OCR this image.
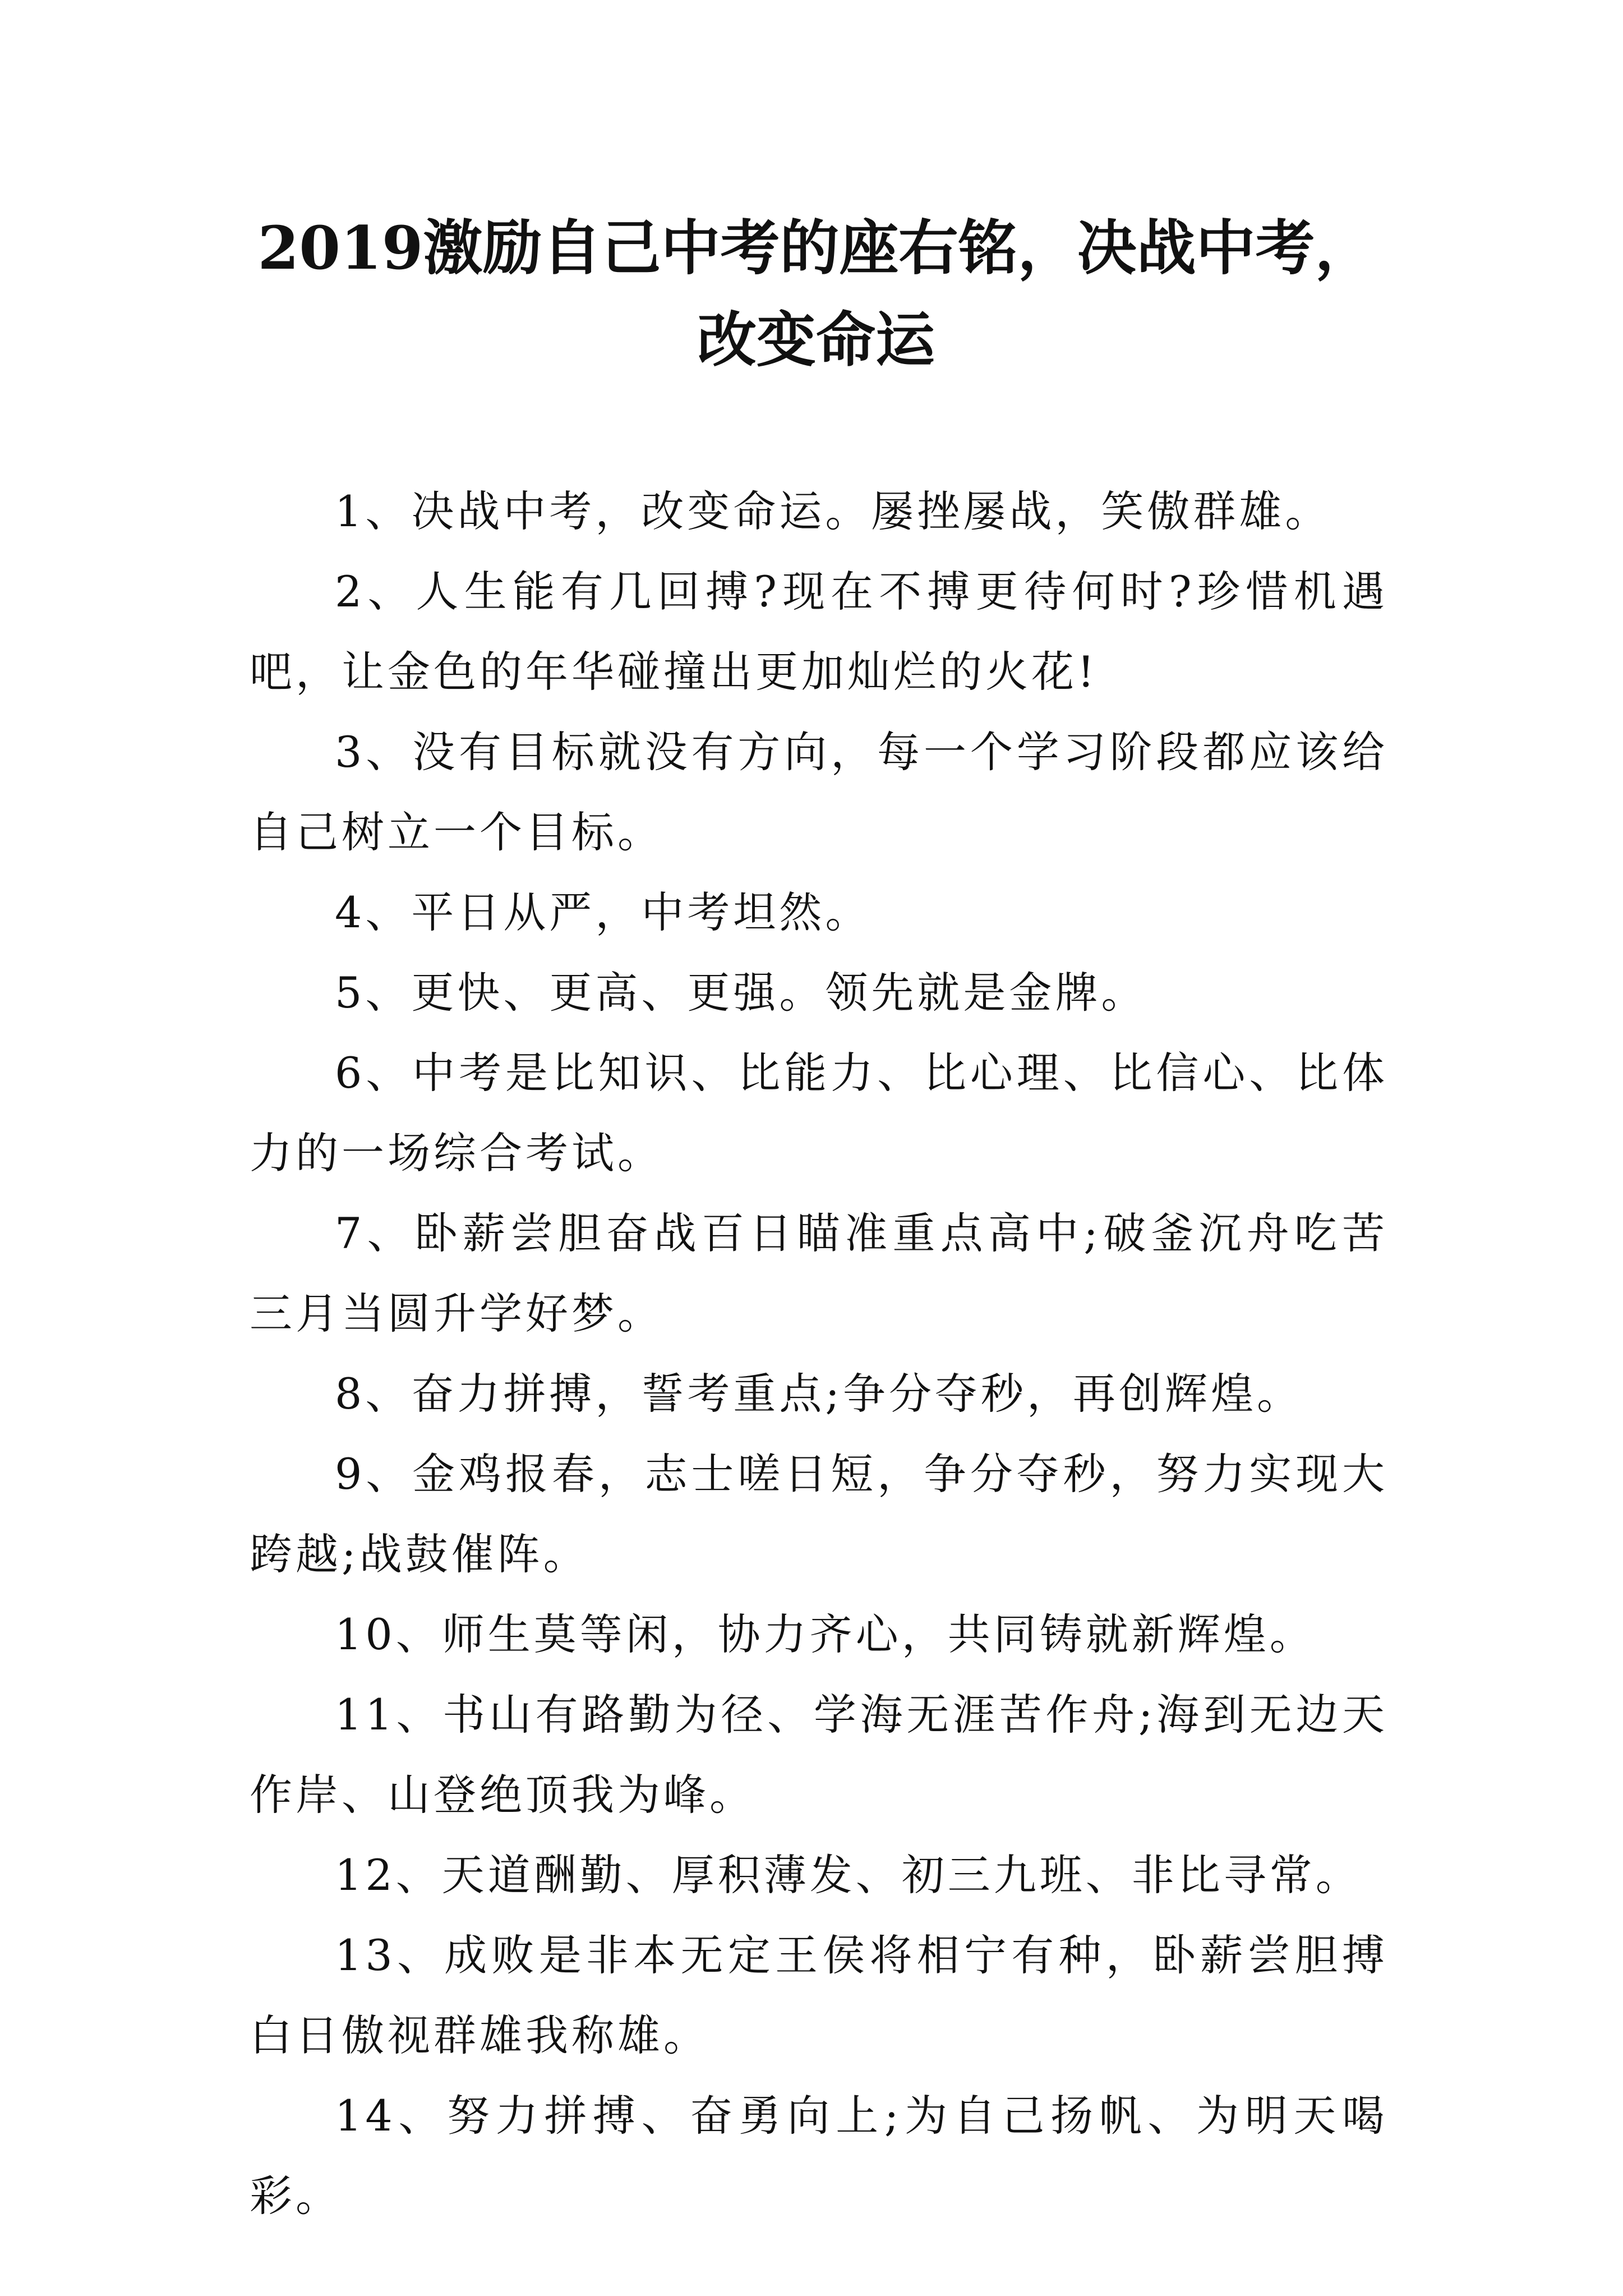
2019激励自己中考的座右铭，决战中考，改变命运

1、决战中考，改变命运。屡挫屡战，笑傲群雄。

2、人生能有几回搏?现在不搏更待何时?珍惜机遇吧，让金色的年华碰撞出更加灿烂的火花!

3、没有目标就没有方向，每一个学习阶段都应该给自己树立一个目标。

4、平日从严，中考坦然。

5、更快、更高、更强。领先就是金牌。

6、中考是比知识、比能力、比心理、比信心、比体力的一场综合考试。

7、卧薪尝胆奋战百日瞄准重点高中;破釜沉舟吃苦三月当圆升学好梦。

8、奋力拼搏，誓考重点;争分夺秒，再创辉煌。

9、金鸡报春，志士嗟日短，争分夺秒，努力实现大跨越;战鼓催阵。

10、师生莫等闲，协力齐心，共同铸就新辉煌。

11、书山有路勤为径、学海无涯苦作舟;海到无边天作岸、山登绝顶我为峰。

12、天道酬勤、厚积薄发、初三九班、非比寻常。

13、成败是非本无定王侯将相宁有种，卧薪尝胆搏白日傲视群雄我称雄。

14、努力拼搏、奋勇向上;为自己扬帆、为明天喝彩。
